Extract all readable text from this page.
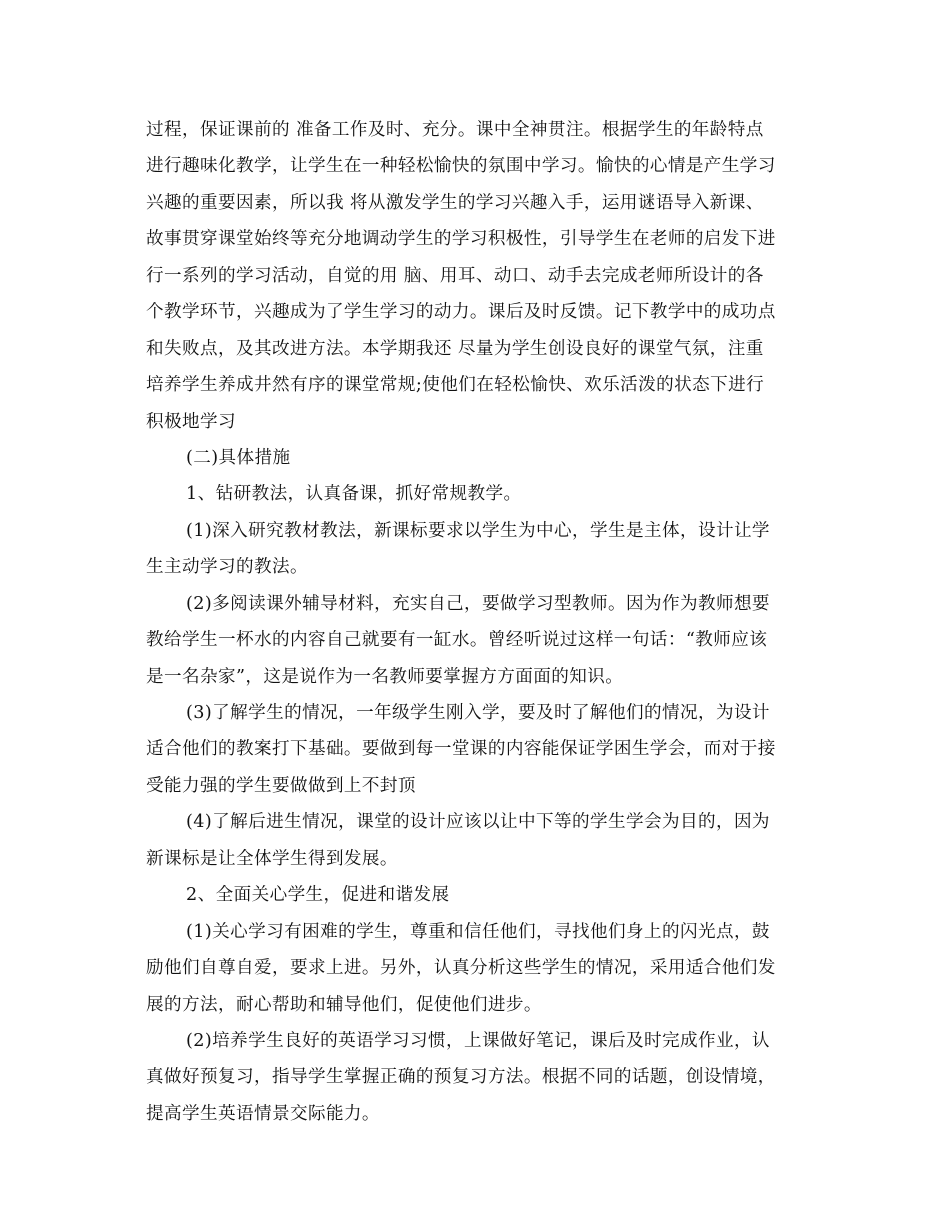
过程，保证课前的 准备工作及时、充分。课中全神贯注。根据学生的年龄特点
进行趣味化教学，让学生在一种轻松愉快的氛围中学习。愉快的心情是产生学习
兴趣的重要因素，所以我 将从激发学生的学习兴趣入手，运用谜语导入新课、
故事贯穿课堂始终等充分地调动学生的学习积极性，引导学生在老师的启发下进
行一系列的学习活动，自觉的用 脑、用耳、动口、动手去完成老师所设计的各
个教学环节，兴趣成为了学生学习的动力。课后及时反馈。记下教学中的成功点
和失败点，及其改进方法。本学期我还 尽量为学生创设良好的课堂气氛，注重
培养学生养成井然有序的课堂常规;使他们在轻松愉快、欢乐活泼的状态下进行
积极地学习
(二)具体措施
1、钻研教法，认真备课，抓好常规教学。
(1)深入研究教材教法，新课标要求以学生为中心，学生是主体，设计让学
生主动学习的教法。
(2)多阅读课外辅导材料，充实自己，要做学习型教师。因为作为教师想要
教给学生一杯水的内容自己就要有一缸水。曾经听说过这样一句话：“教师应该
是一名杂家”，这是说作为一名教师要掌握方方面面的知识。
(3)了解学生的情况，一年级学生刚入学，要及时了解他们的情况，为设计
适合他们的教案打下基础。要做到每一堂课的内容能保证学困生学会，而对于接
受能力强的学生要做做到上不封顶
(4)了解后进生情况，课堂的设计应该以让中下等的学生学会为目的，因为
新课标是让全体学生得到发展。
2、全面关心学生，促进和谐发展
(1)关心学习有困难的学生，尊重和信任他们，寻找他们身上的闪光点，鼓
励他们自尊自爱，要求上进。另外，认真分析这些学生的情况，采用适合他们发
展的方法，耐心帮助和辅导他们，促使他们进步。
(2)培养学生良好的英语学习习惯，上课做好笔记，课后及时完成作业，认
真做好预复习，指导学生掌握正确的预复习方法。根据不同的话题，创设情境，
提高学生英语情景交际能力。
